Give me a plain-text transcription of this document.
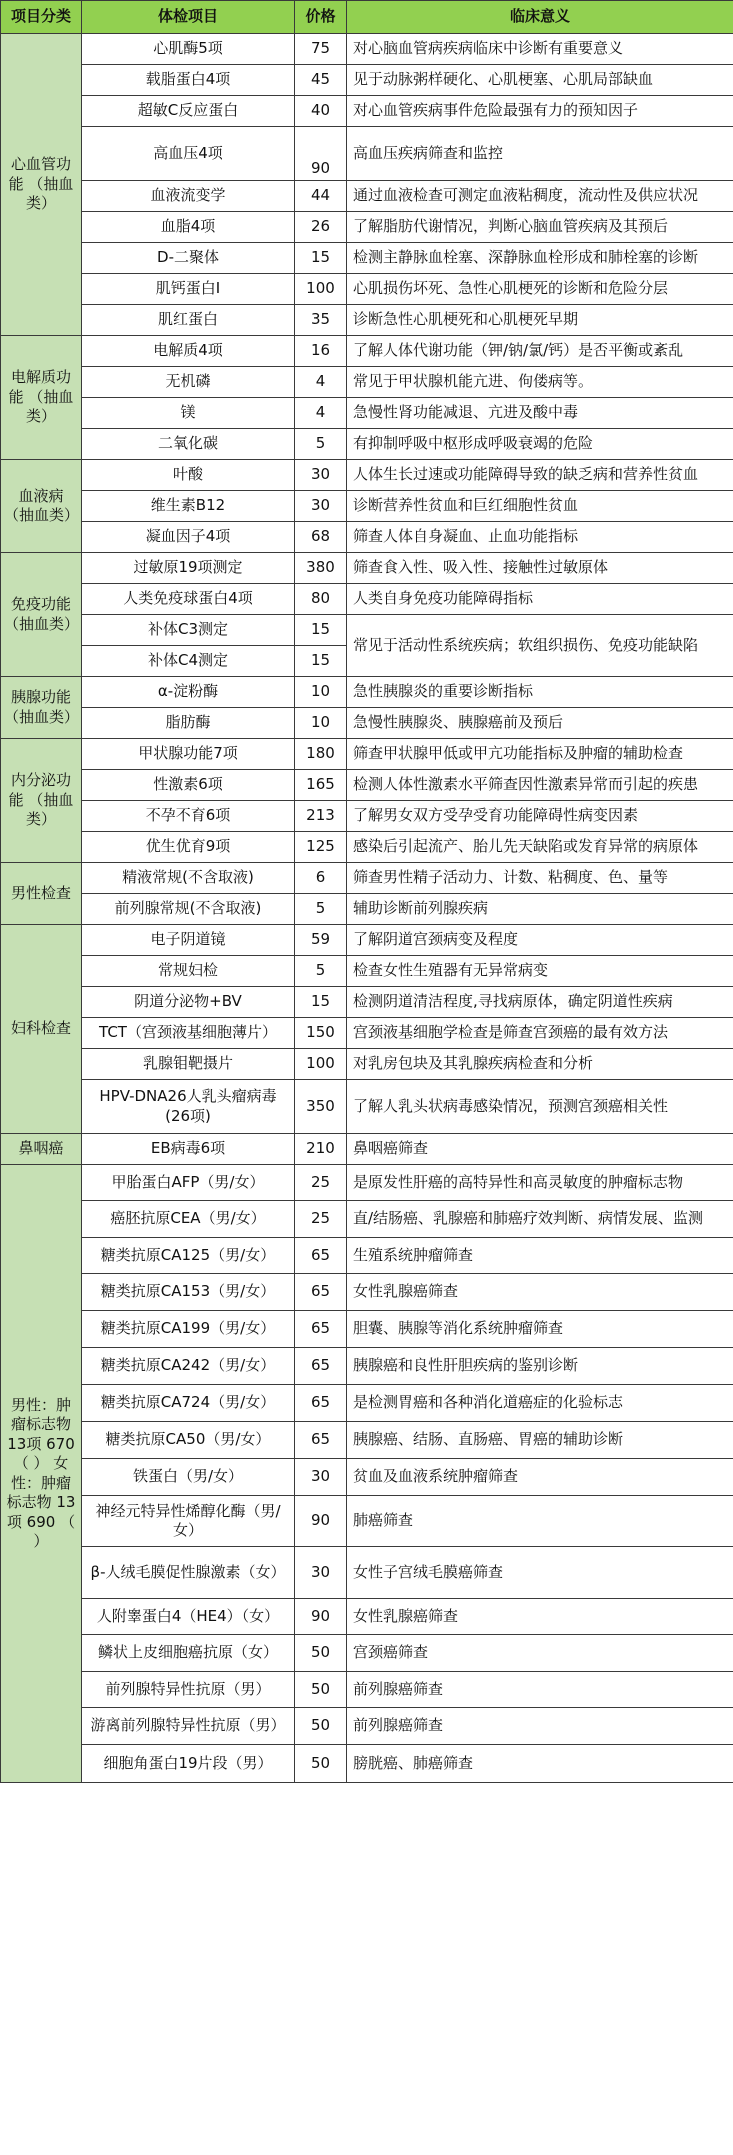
项目分类	体检项目	价格	临床意义
心血管功能 （抽血类）	心肌酶5项	75	对心脑血管病疾病临床中诊断有重要意义
	载脂蛋白4项	45	见于动脉粥样硬化、心肌梗塞、心肌局部缺血
	超敏C反应蛋白	40	对心血管疾病事件危险最强有力的预知因子
	高血压4项	90	高血压疾病筛查和监控
	血液流变学	44	通过血液检查可测定血液粘稠度，流动性及供应状况
	血脂4项	26	了解脂肪代谢情况，判断心脑血管疾病及其预后
	D-二聚体	15	检测主静脉血栓塞、深静脉血栓形成和肺栓塞的诊断
	肌钙蛋白I	100	心肌损伤坏死、急性心肌梗死的诊断和危险分层
	肌红蛋白	35	诊断急性心肌梗死和心肌梗死早期
电解质功能 （抽血类）	电解质4项	16	了解人体代谢功能（钾/钠/氯/钙）是否平衡或紊乱
	无机磷	4	常见于甲状腺机能亢进、佝偻病等。
	镁	4	急慢性肾功能减退、亢进及酸中毒
	二氧化碳	5	有抑制呼吸中枢形成呼吸衰竭的危险
血液病 （抽血类）	叶酸	30	人体生长过速或功能障碍导致的缺乏病和营养性贫血
	维生素B12	30	诊断营养性贫血和巨红细胞性贫血
	凝血因子4项	68	筛查人体自身凝血、止血功能指标
免疫功能 （抽血类）	过敏原19项测定	380	筛查食入性、吸入性、接触性过敏原体
	人类免疫球蛋白4项	80	人类自身免疫功能障碍指标
	补体C3测定	15	常见于活动性系统疾病；软组织损伤、免疫功能缺陷
	补体C4测定	15	
胰腺功能 （抽血类）	α-淀粉酶	10	急性胰腺炎的重要诊断指标
	脂肪酶	10	急慢性胰腺炎、胰腺癌前及预后
内分泌功能 （抽血类）	甲状腺功能7项	180	筛查甲状腺甲低或甲亢功能指标及肿瘤的辅助检查
	性激素6项	165	检测人体性激素水平筛查因性激素异常而引起的疾患
	不孕不育6项	213	了解男女双方受孕受育功能障碍性病变因素
	优生优育9项	125	感染后引起流产、胎儿先天缺陷或发育异常的病原体
男性检查	精液常规(不含取液)	6	筛查男性精子活动力、计数、粘稠度、色、量等
	前列腺常规(不含取液)	5	辅助诊断前列腺疾病
妇科检查	电子阴道镜	59	了解阴道宫颈病变及程度
	常规妇检	5	检查女性生殖器有无异常病变
	阴道分泌物+BV	15	检测阴道清洁程度,寻找病原体，确定阴道性疾病
	TCT（宫颈液基细胞薄片）	150	宫颈液基细胞学检查是筛查宫颈癌的最有效方法
	乳腺钼靶摄片	100	对乳房包块及其乳腺疾病检查和分析
	HPV-DNA26人乳头瘤病毒(26项)	350	了解人乳头状病毒感染情况，预测宫颈癌相关性
鼻咽癌	EB病毒6项	210	鼻咽癌筛查
男性：肿瘤标志物 13项 670 （ ） 女性：肿瘤标志物 13项 690 （ ）	甲胎蛋白AFP（男/女）	25	是原发性肝癌的高特异性和高灵敏度的肿瘤标志物
	癌胚抗原CEA（男/女）	25	直/结肠癌、乳腺癌和肺癌疗效判断、病情发展、监测
	糖类抗原CA125（男/女）	65	生殖系统肿瘤筛查
	糖类抗原CA153（男/女）	65	女性乳腺癌筛查
	糖类抗原CA199（男/女）	65	胆囊、胰腺等消化系统肿瘤筛查
	糖类抗原CA242（男/女）	65	胰腺癌和良性肝胆疾病的鉴别诊断
	糖类抗原CA724（男/女）	65	是检测胃癌和各种消化道癌症的化验标志
	糖类抗原CA50（男/女）	65	胰腺癌、结肠、直肠癌、胃癌的辅助诊断
	铁蛋白（男/女）	30	贫血及血液系统肿瘤筛查
	神经元特异性烯醇化酶（男/女）	90	肺癌筛查
	β-人绒毛膜促性腺激素（女）	30	女性子宫绒毛膜癌筛查
	人附睾蛋白4（HE4）（女）	90	女性乳腺癌筛查
	鳞状上皮细胞癌抗原（女）	50	宫颈癌筛查
	前列腺特异性抗原（男）	50	前列腺癌筛查
	游离前列腺特异性抗原（男）	50	前列腺癌筛查
	细胞角蛋白19片段（男）	50	膀胱癌、肺癌筛查
